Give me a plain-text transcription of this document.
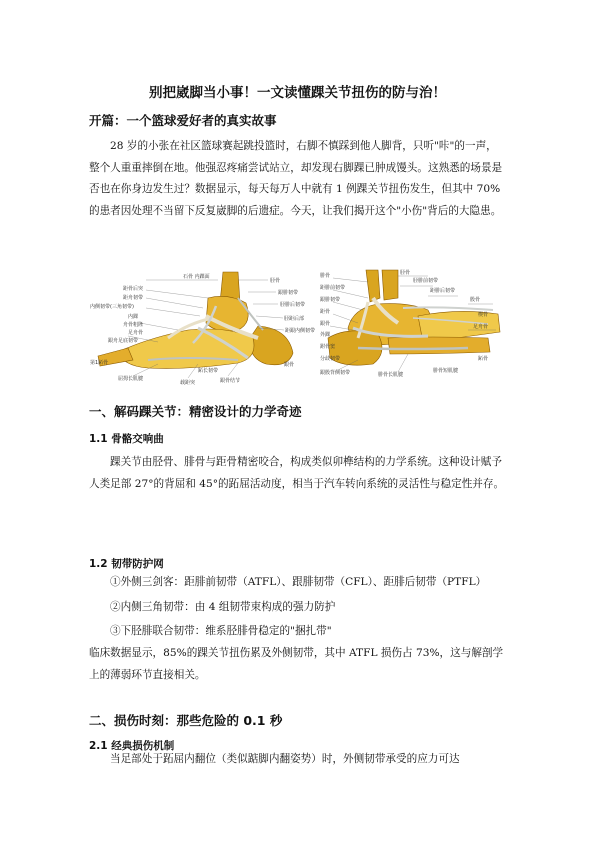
别把崴脚当小事！一文读懂踝关节扭伤的防与治！
开篇：一个篮球爱好者的真实故事
28 岁的小张在社区篮球赛起跳投篮时，右脚不慎踩到他人脚背，只听"咔"的一声，整个人重重摔倒在地。他强忍疼痛尝试站立，却发现右脚踝已肿成馒头。这熟悉的场景是否也在你身边发生过？数据显示，每天每万人中就有 1 例踝关节扭伤发生，但其中 70%的患者因处理不当留下反复崴脚的后遗症。今天，让我们揭开这个"小伤"背后的大隐患。
石骨 内踝面
胫骨
距骨后突
跟腓韧带
距舟韧带
胫腓后韧带
内侧韧带(三角韧带)
胫距后部
内踝
舟骨粗隆
距跟内侧韧带
足舟骨
跟舟足底韧带
跟骨
第1跖骨
屈拇长肌腱
载距突	跟骨结节
跖长韧带
腓骨	胫骨
距腓前韧带
胫腓前韧带
跟腓韧带
距腓后韧带
距骨
跟骨
骰骨
外踝
足舟骨
楔骨
跗骨窦
跖骨
分歧韧带
跟骰背侧韧带	腓骨长肌腱
腓骨短肌腱
一、解码踝关节：精密设计的力学奇迹
1.1 骨骼交响曲
踝关节由胫骨、腓骨与距骨精密咬合，构成类似卯榫结构的力学系统。这种设计赋予人类足部 27°的背屈和 45°的跖屈活动度，相当于汽车转向系统的灵活性与稳定性并存。
1.2 韧带防护网
①外侧三剑客：距腓前韧带（ATFL）、跟腓韧带（CFL）、距腓后韧带（PTFL）
②内侧三角韧带：由 4 组韧带束构成的强力防护
③下胫腓联合韧带：维系胫腓骨稳定的"捆扎带"
临床数据显示，85%的踝关节扭伤累及外侧韧带，其中 ATFL 损伤占 73%，这与解剖学上的薄弱环节直接相关。
二、损伤时刻：那些危险的 0.1 秒
2.1 经典损伤机制
当足部处于跖屈内翻位（类似踮脚内翻姿势）时，外侧韧带承受的应力可达
